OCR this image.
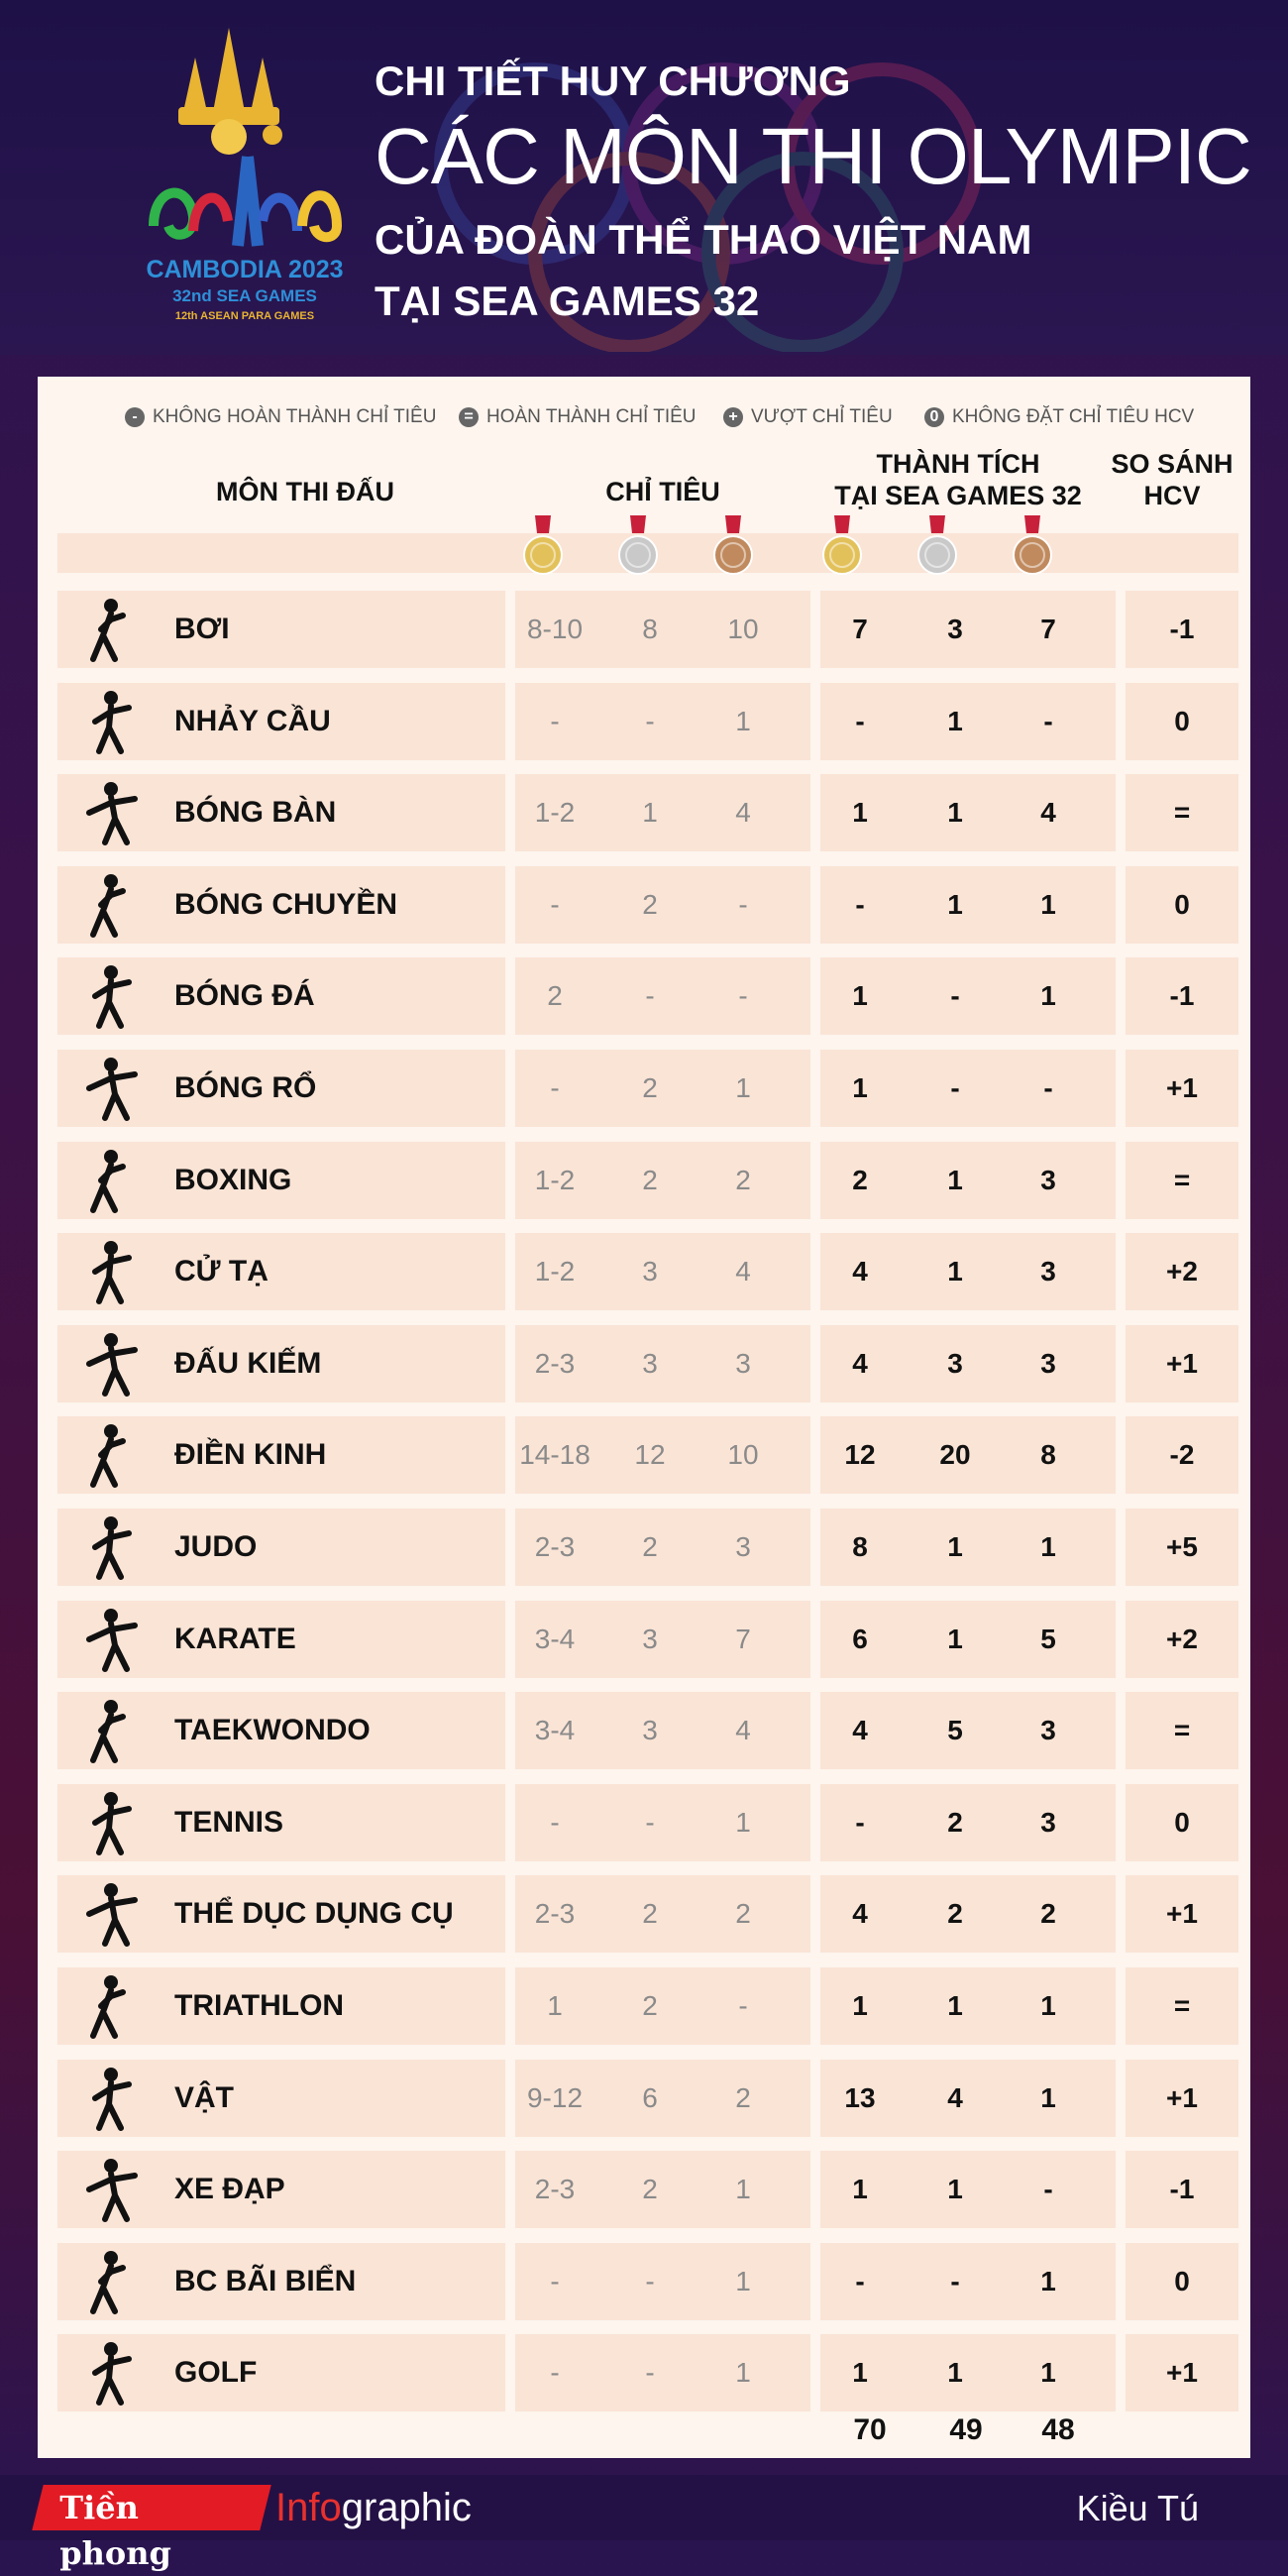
CAMBODIA 2023
32nd SEA GAMES
12th ASEAN PARA GAMES
CHI TIẾT HUY CHƯƠNG
CÁC MÔN THI OLYMPIC
CỦA ĐOÀN THỂ THAO VIỆT NAM
TẠI SEA GAMES 32
- KHÔNG HOÀN THÀNH CHỈ TIÊU	= HOÀN THÀNH CHỈ TIÊU	+ VƯỢT CHỈ TIÊU	0 KHÔNG ĐẶT CHỈ TIÊU HCV
MÔN THI ĐẤU	CHỈ TIÊU
THÀNH TÍCH
TẠI SEA GAMES 32
SO SÁNH
HCV
BƠI	8-10	8	10	7	3	7	-1
NHẢY CẦU	-	-	1	-	1	-	0
BÓNG BÀN	1-2	1	4	1	1	4	=
BÓNG CHUYỀN	-	2	-	-	1	1	0
BÓNG ĐÁ	2	-	-	1	-	1	-1
BÓNG RỔ	-	2	1	1	-	-	+1
BOXING	1-2	2	2	2	1	3	=
CỬ TẠ	1-2	3	4	4	1	3	+2
ĐẤU KIẾM	2-3	3	3	4	3	3	+1
ĐIỀN KINH	14-18	12	10	12	20	8	-2
JUDO	2-3	2	3	8	1	1	+5
KARATE	3-4	3	7	6	1	5	+2
TAEKWONDO	3-4	3	4	4	5	3	=
TENNIS	-	-	1	-	2	3	0
THỂ DỤC DỤNG CỤ	2-3	2	2	4	2	2	+1
TRIATHLON	1	2	-	1	1	1	=
VẬT	9-12	6	2	13	4	1	+1
XE ĐẠP	2-3	2	1	1	1	-	-1
BC BÃI BIỂN	-	-	1	-	-	1	0
GOLF	-	-	1	1	1	1	+1
70	49	48
Tiền phong
Infographic	Kiều Tú
